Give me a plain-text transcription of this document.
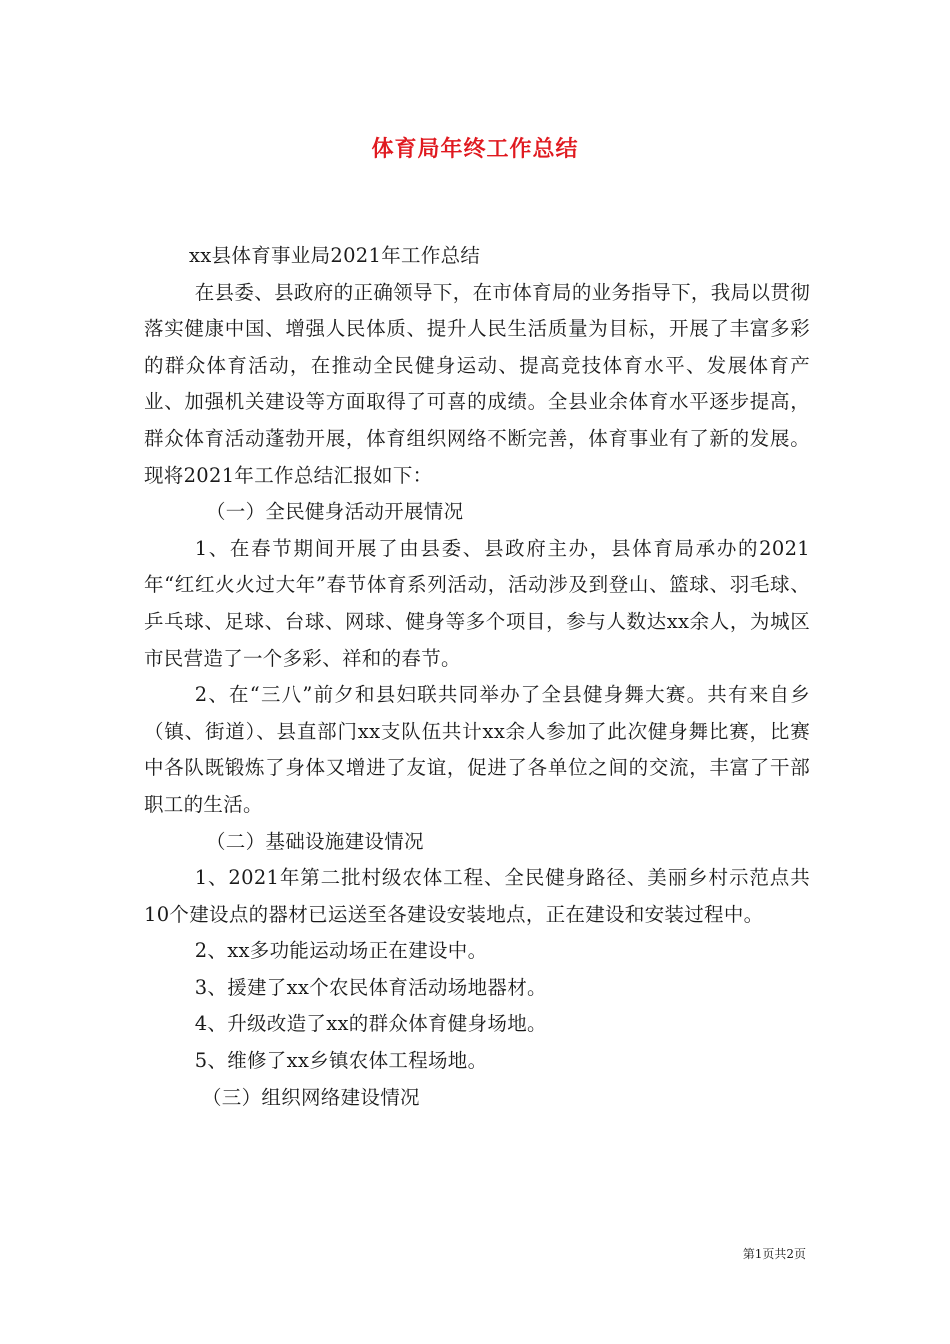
体育局年终工作总结

xx县体育事业局2021年工作总结

在县委、县政府的正确领导下，在市体育局的业务指导下，我局以贯彻落实健康中国、增强人民体质、提升人民生活质量为目标，开展了丰富多彩的群众体育活动，在推动全民健身运动、提高竞技体育水平、发展体育产业、加强机关建设等方面取得了可喜的成绩。全县业余体育水平逐步提高，群众体育活动蓬勃开展，体育组织网络不断完善，体育事业有了新的发展。现将2021年工作总结汇报如下：

（一）全民健身活动开展情况

1、在春节期间开展了由县委、县政府主办，县体育局承办的2021年“红红火火过大年”春节体育系列活动，活动涉及到登山、篮球、羽毛球、乒乓球、足球、台球、网球、健身等多个项目，参与人数达xx余人，为城区市民营造了一个多彩、祥和的春节。

2、在“三八”前夕和县妇联共同举办了全县健身舞大赛。共有来自乡（镇、街道）、县直部门xx支队伍共计xx余人参加了此次健身舞比赛，比赛中各队既锻炼了身体又增进了友谊，促进了各单位之间的交流，丰富了干部职工的生活。

（二）基础设施建设情况

1、2021年第二批村级农体工程、全民健身路径、美丽乡村示范点共10个建设点的器材已运送至各建设安装地点，正在建设和安装过程中。

2、xx多功能运动场正在建设中。

3、援建了xx个农民体育活动场地器材。

4、升级改造了xx的群众体育健身场地。

5、维修了xx乡镇农体工程场地。

（三）组织网络建设情况

第1页共2页
